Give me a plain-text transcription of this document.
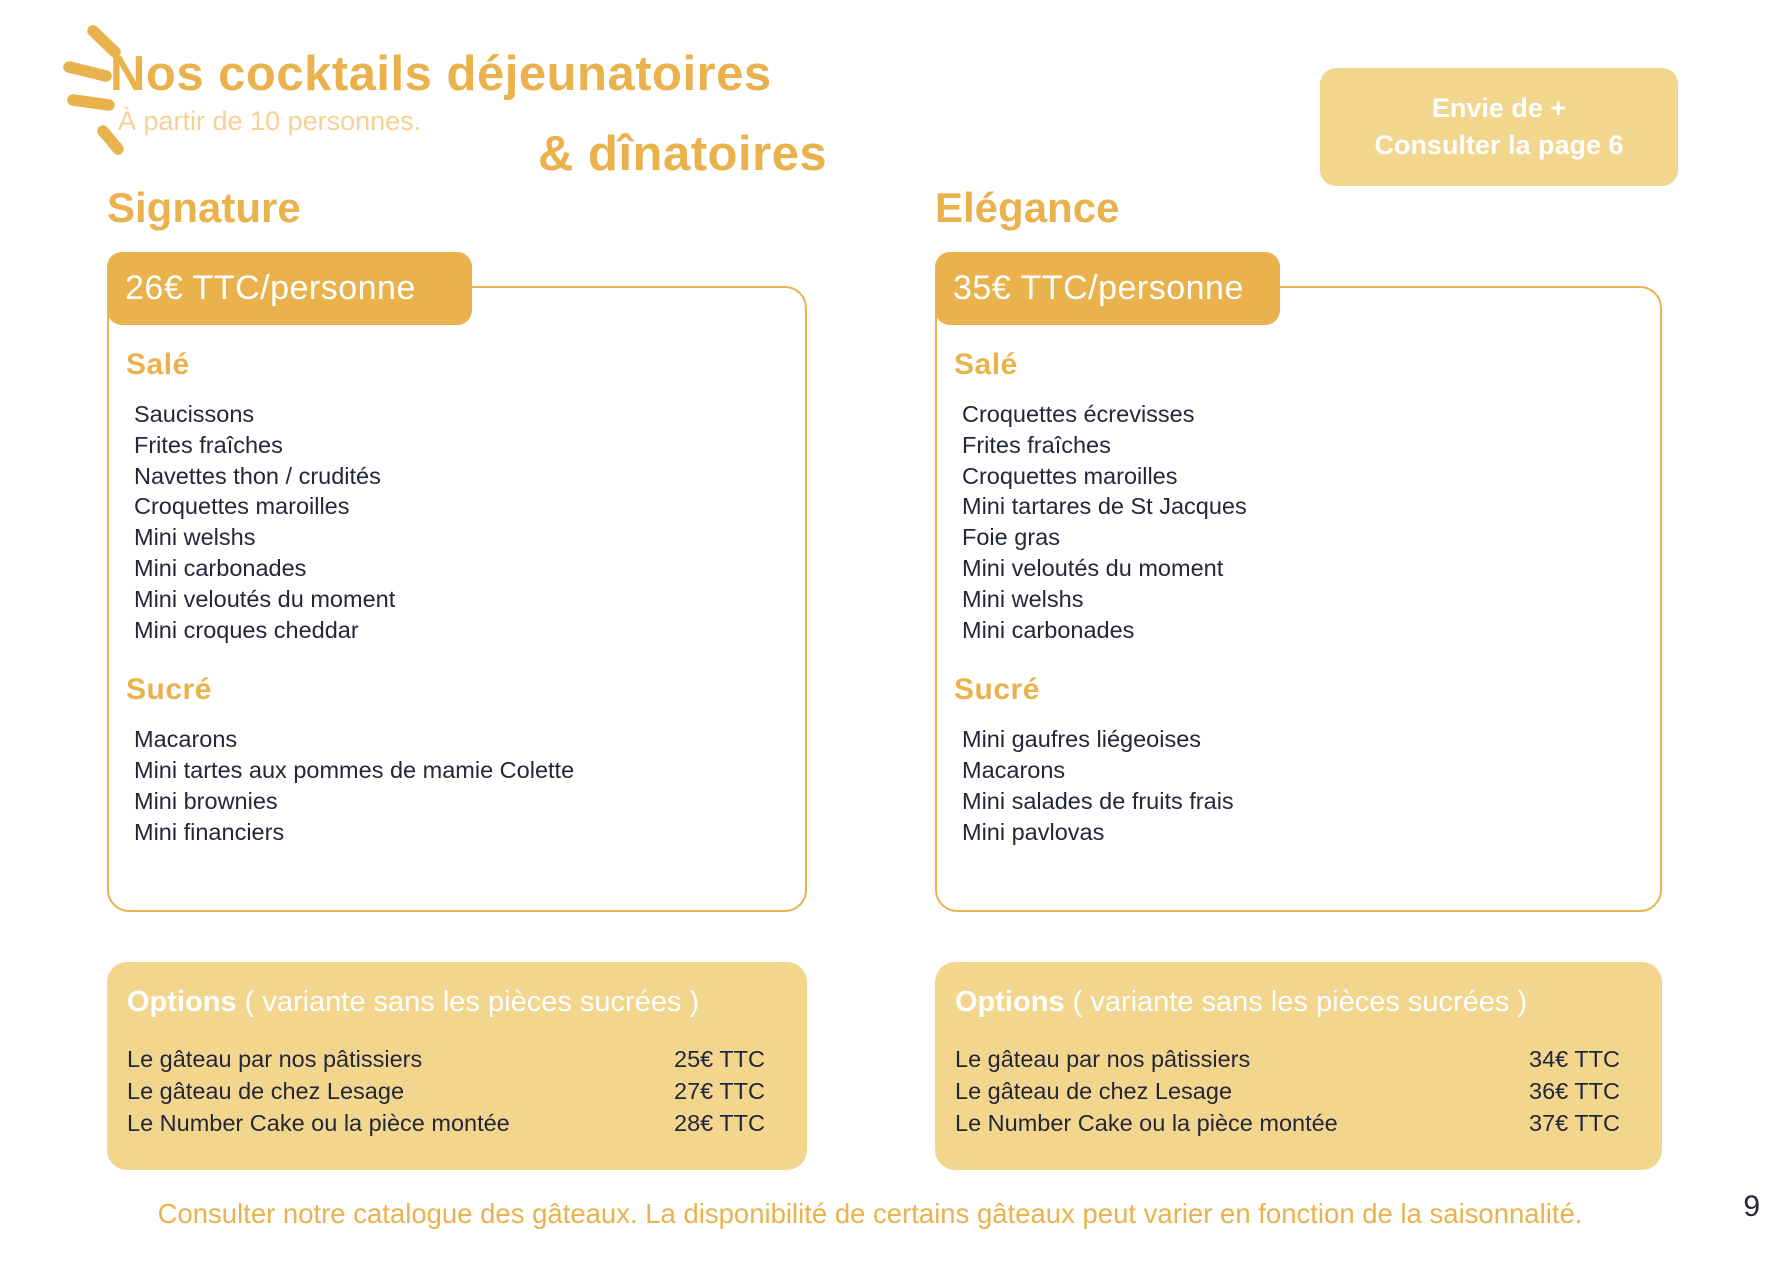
Nos cocktails déjeunatoires
À partir de 10 personnes.
& dînatoires
Envie de +
Consulter la page 6
Signature
Salé
Saucissons
Frites fraîches
Navettes thon / crudités
Croquettes maroilles
Mini welshs
Mini carbonades
Mini veloutés du moment
Mini croques cheddar
Sucré
Macarons
Mini tartes aux pommes de mamie Colette
Mini brownies
Mini financiers
26€ TTC/personne
Options ( variante sans les pièces sucrées )
Le gâteau par nos pâtissiers	25€ TTC
Le gâteau de chez Lesage	27€ TTC
Le Number Cake ou la pièce montée	28€ TTC
Elégance
Salé
Croquettes écrevisses
Frites fraîches
Croquettes maroilles
Mini tartares de St Jacques
Foie gras
Mini veloutés du moment
Mini welshs
Mini carbonades
Sucré
Mini gaufres liégeoises
Macarons
Mini salades de fruits frais
Mini pavlovas
35€ TTC/personne
Options ( variante sans les pièces sucrées )
Le gâteau par nos pâtissiers	34€ TTC
Le gâteau de chez Lesage	36€ TTC
Le Number Cake ou la pièce montée	37€ TTC
Consulter notre catalogue des gâteaux. La disponibilité de certains gâteaux peut varier en fonction de la saisonnalité.	9
